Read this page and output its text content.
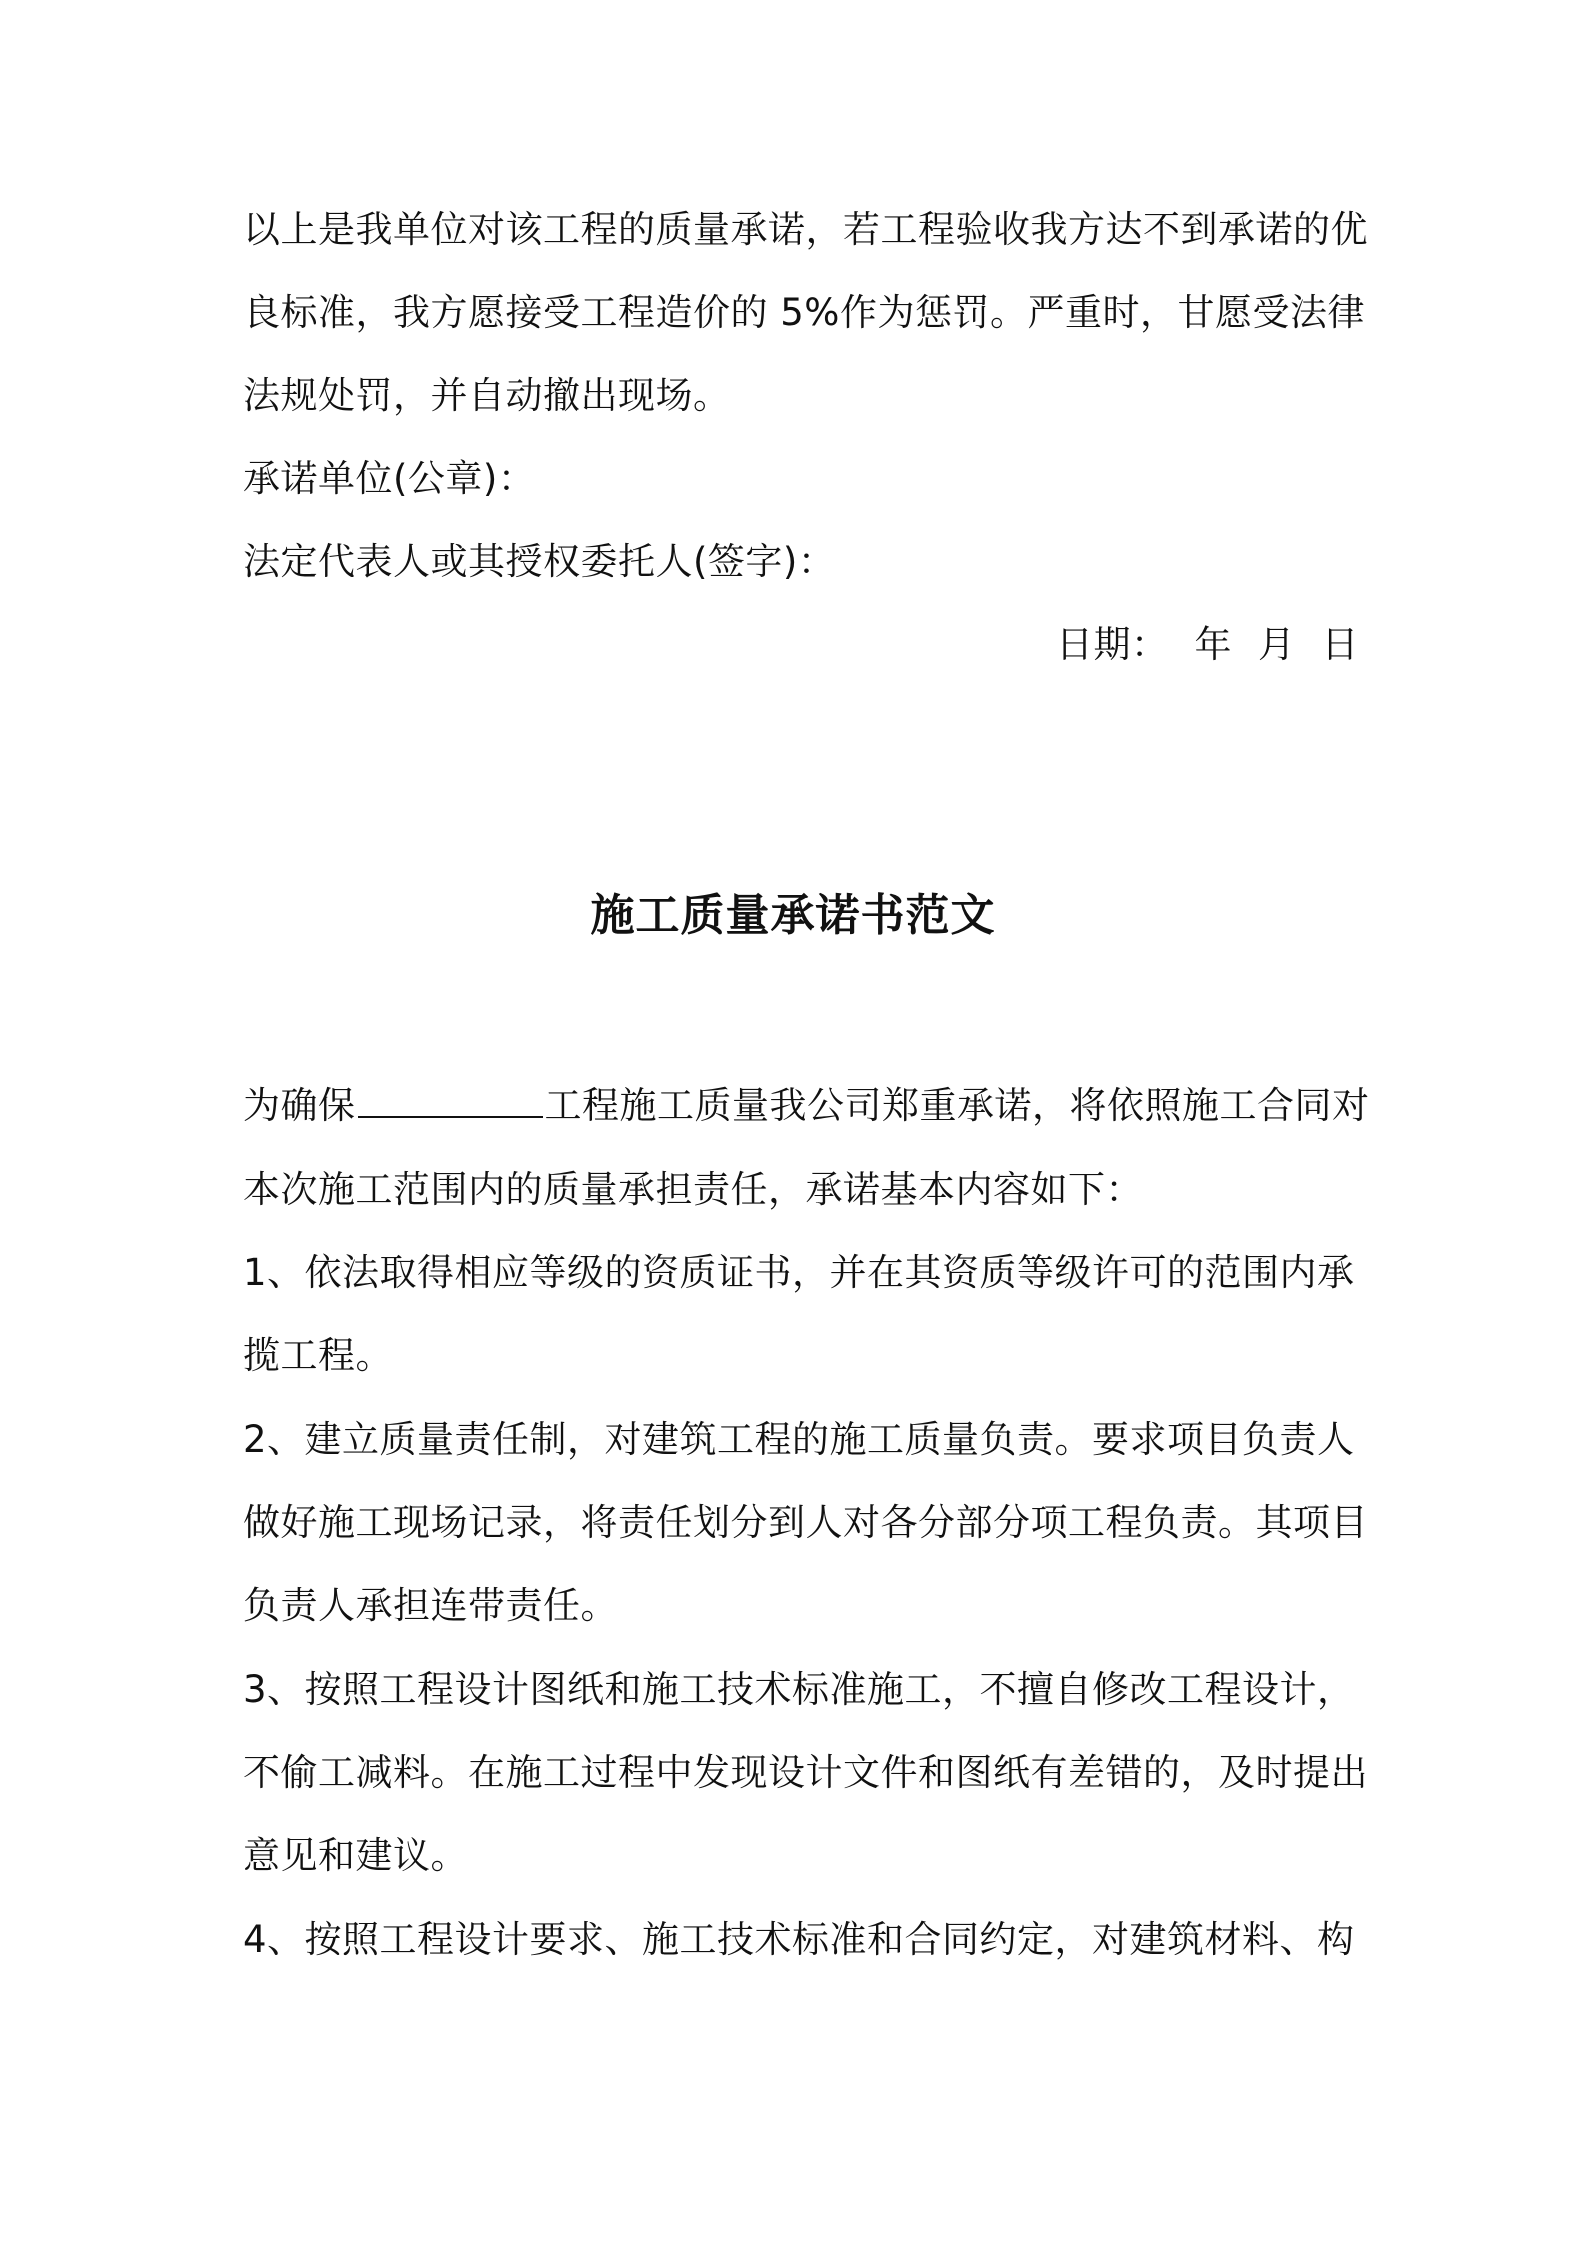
以上是我单位对该工程的质量承诺，若工程验收我方达不到承诺的优
良标准，我方愿接受工程造价的 5%作为惩罚。严重时，甘愿受法律
法规处罚，并自动撤出现场。
承诺单位(公章)：
法定代表人或其授权委托人(签字)：
日期： 年 月 日
施工质量承诺书范文
为确保	工程施工质量我公司郑重承诺，将依照施工合同对
本次施工范围内的质量承担责任，承诺基本内容如下：
1、依法取得相应等级的资质证书，并在其资质等级许可的范围内承
揽工程。
2、建立质量责任制，对建筑工程的施工质量负责。要求项目负责人
做好施工现场记录，将责任划分到人对各分部分项工程负责。其项目
负责人承担连带责任。
3、按照工程设计图纸和施工技术标准施工，不擅自修改工程设计，
不偷工减料。在施工过程中发现设计文件和图纸有差错的，及时提出
意见和建议。
4、按照工程设计要求、施工技术标准和合同约定，对建筑材料、构
